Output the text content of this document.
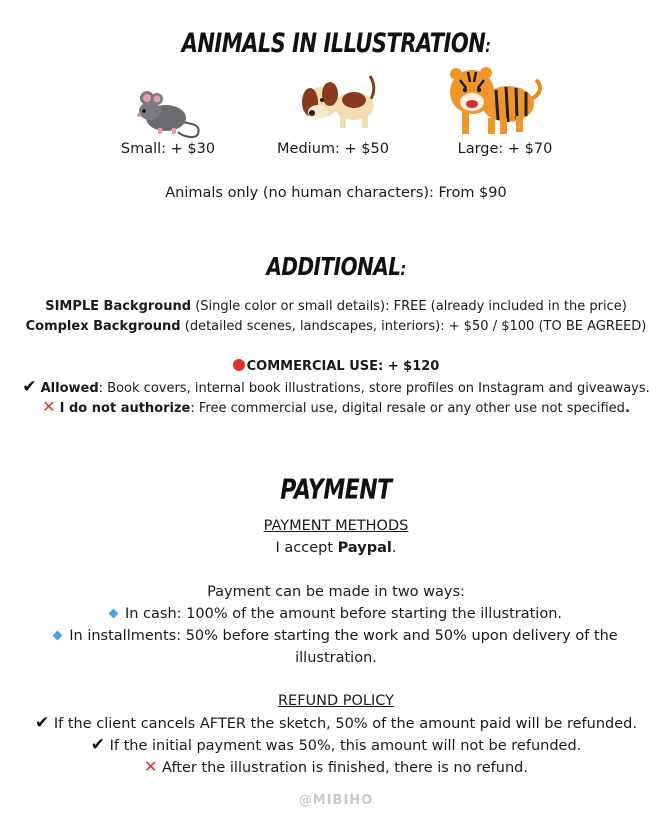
ANIMALS IN ILLUSTRATION:
Small: + $30	Medium: + $50	Large: + $70
Animals only (no human characters): From $90
ADDITIONAL:
SIMPLE Background (Single color or small details): FREE (already included in the price)
Complex Background (detailed scenes, landscapes, interiors): + $50 / $100 (TO BE AGREED)
COMMERCIAL USE: + $120
✔ Allowed: Book covers, internal book illustrations, store profiles on Instagram and giveaways.
✕ I do not authorize: Free commercial use, digital resale or any other use not specified.
PAYMENT
PAYMENT METHODS
I accept Paypal.
Payment can be made in two ways:
In cash: 100% of the amount before starting the illustration.
In installments: 50% before starting the work and 50% upon delivery of the
illustration.
REFUND POLICY
✔ If the client cancels AFTER the sketch, 50% of the amount paid will be refunded.
✔ If the initial payment was 50%, this amount will not be refunded.
✕ After the illustration is finished, there is no refund.
@MIBIHO
